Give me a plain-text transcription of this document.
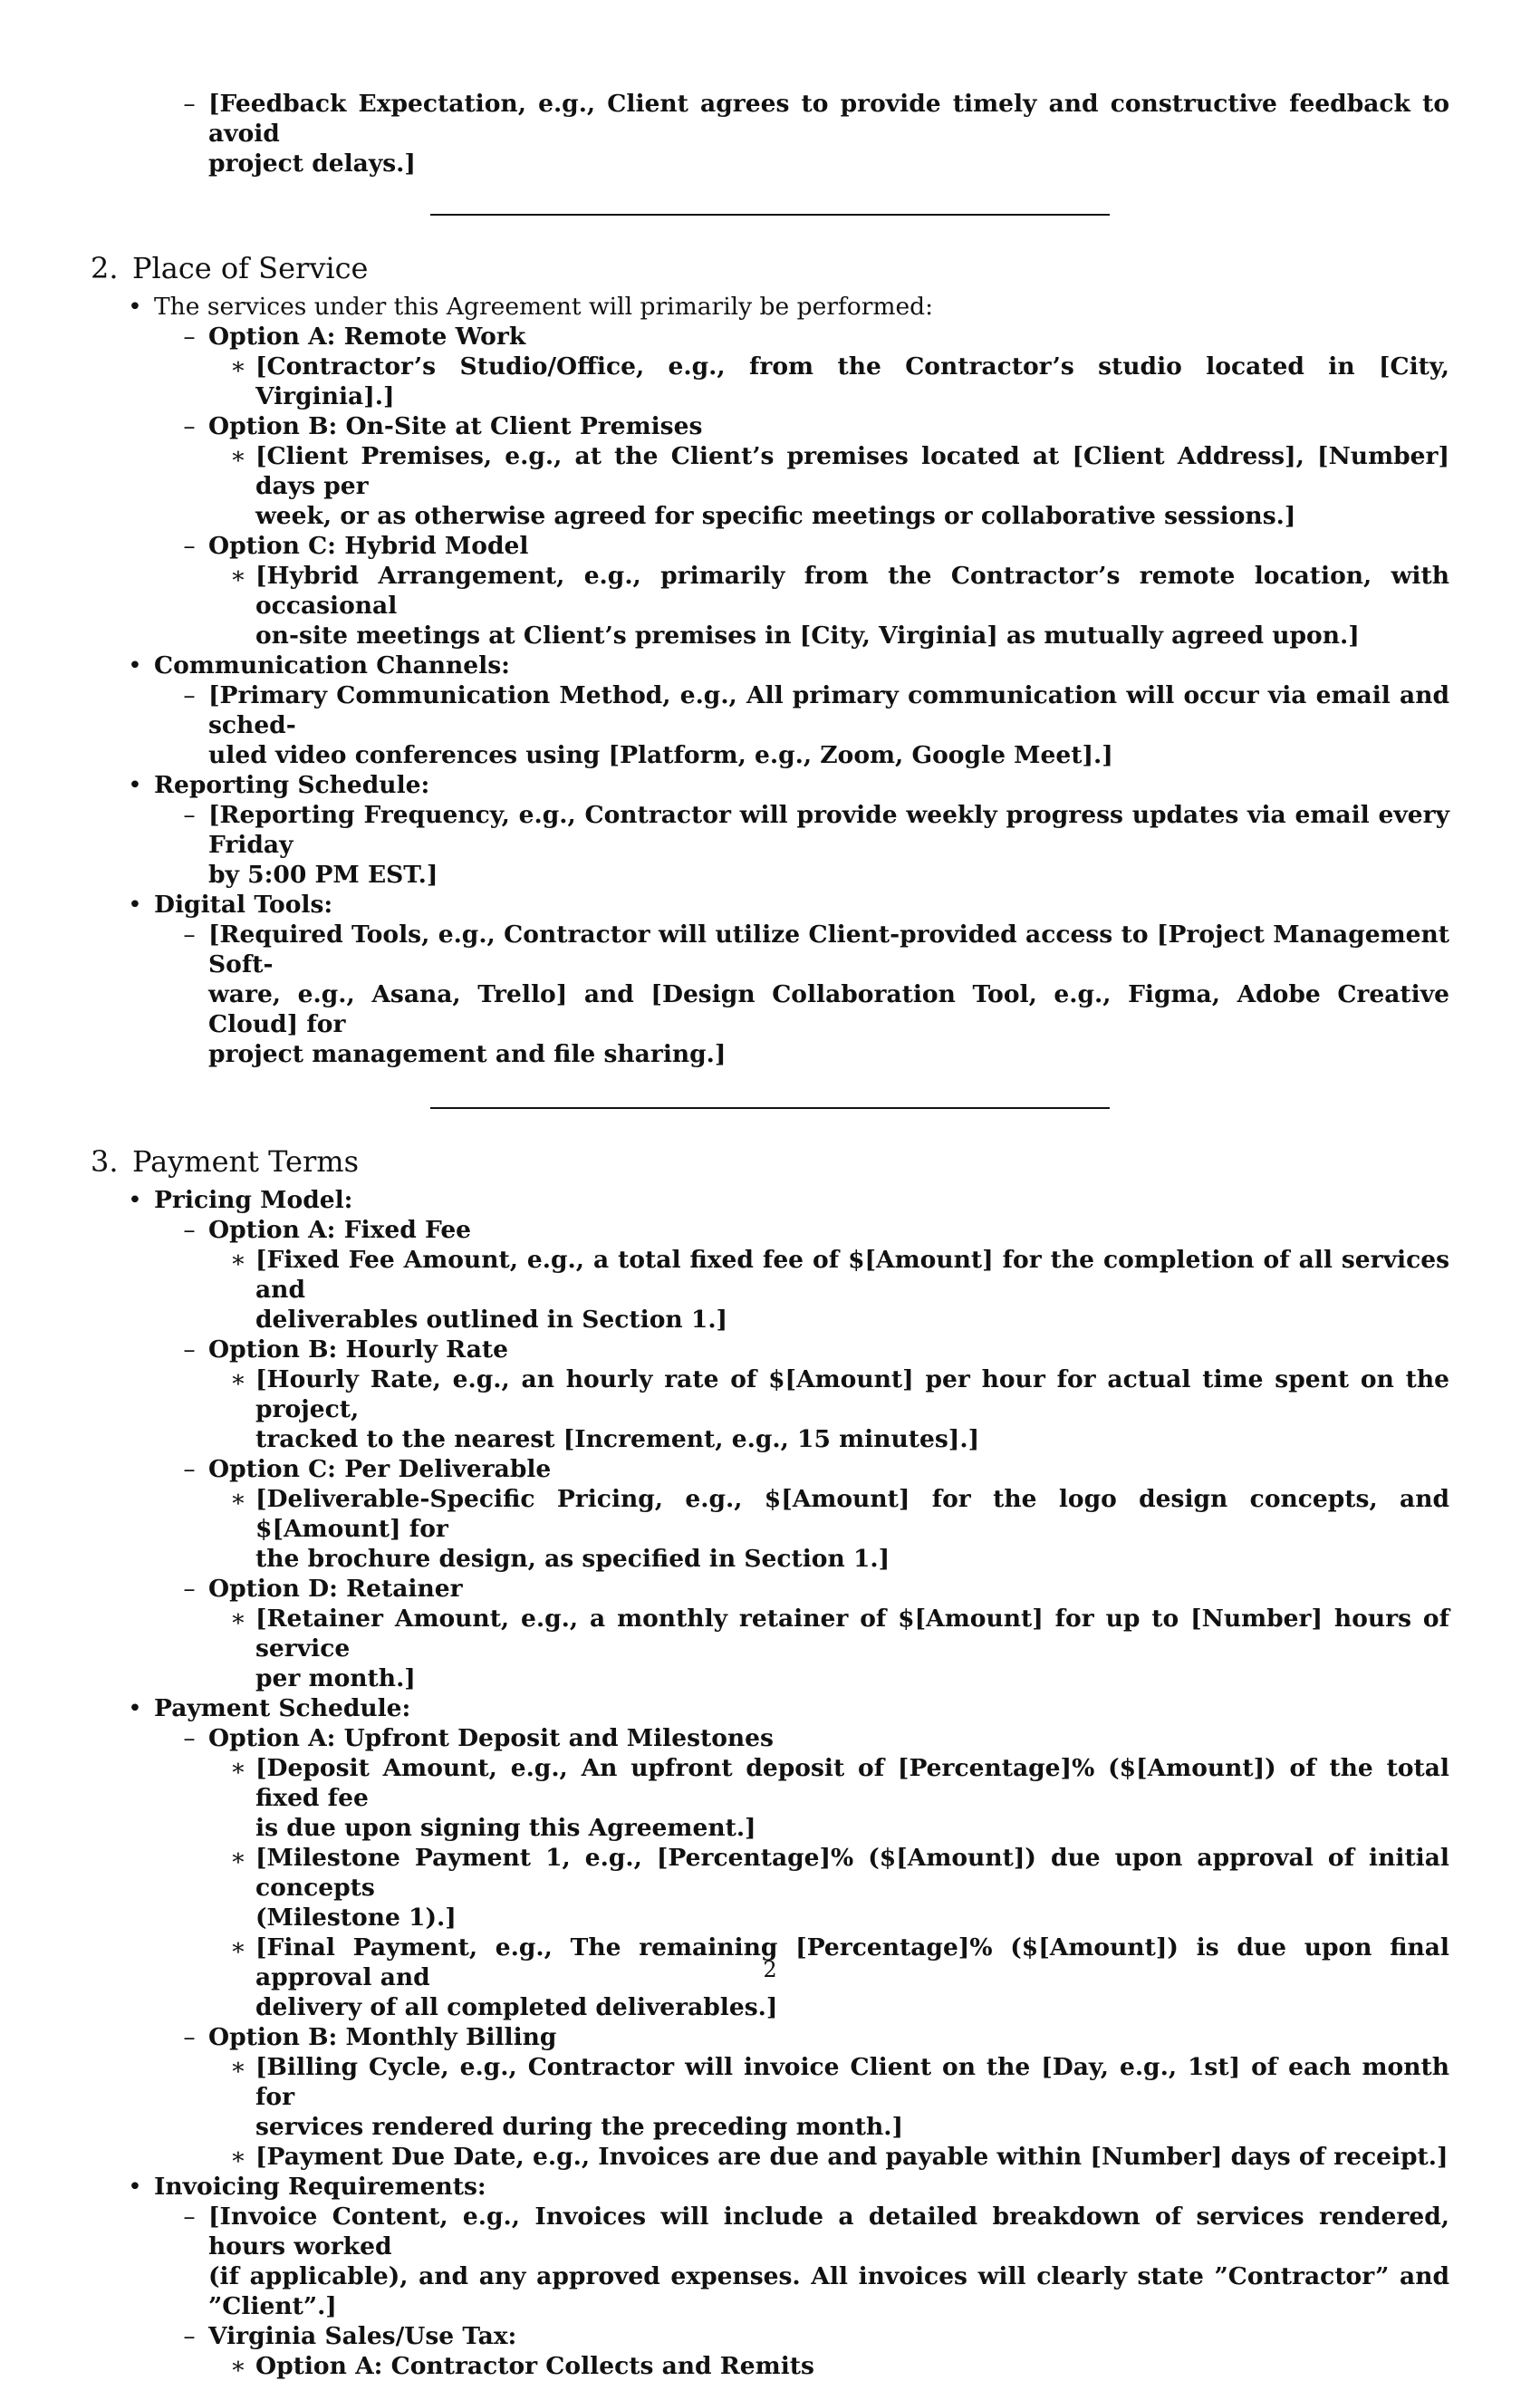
– [Feedback Expectation, e.g., Client agrees to provide timely and constructive feedback to avoid
project delays.]
2. Place of Service
• The services under this Agreement will primarily be performed:
– Option A: Remote Work
∗ [Contractor’s Studio/Office, e.g., from the Contractor’s studio located in [City, Virginia].]
– Option B: On-Site at Client Premises
∗ [Client Premises, e.g., at the Client’s premises located at [Client Address], [Number] days per
week, or as otherwise agreed for specific meetings or collaborative sessions.]
– Option C: Hybrid Model
∗ [Hybrid Arrangement, e.g., primarily from the Contractor’s remote location, with occasional
on-site meetings at Client’s premises in [City, Virginia] as mutually agreed upon.]
• Communication Channels:
– [Primary Communication Method, e.g., All primary communication will occur via email and sched-
uled video conferences using [Platform, e.g., Zoom, Google Meet].]
• Reporting Schedule:
– [Reporting Frequency, e.g., Contractor will provide weekly progress updates via email every Friday
by 5:00 PM EST.]
• Digital Tools:
– [Required Tools, e.g., Contractor will utilize Client-provided access to [Project Management Soft-
ware, e.g., Asana, Trello] and [Design Collaboration Tool, e.g., Figma, Adobe Creative Cloud] for
project management and file sharing.]
3. Payment Terms
• Pricing Model:
– Option A: Fixed Fee
∗ [Fixed Fee Amount, e.g., a total fixed fee of $[Amount] for the completion of all services and
deliverables outlined in Section 1.]
– Option B: Hourly Rate
∗ [Hourly Rate, e.g., an hourly rate of $[Amount] per hour for actual time spent on the project,
tracked to the nearest [Increment, e.g., 15 minutes].]
– Option C: Per Deliverable
∗ [Deliverable-Specific Pricing, e.g., $[Amount] for the logo design concepts, and $[Amount] for
the brochure design, as specified in Section 1.]
– Option D: Retainer
∗ [Retainer Amount, e.g., a monthly retainer of $[Amount] for up to [Number] hours of service
per month.]
• Payment Schedule:
– Option A: Upfront Deposit and Milestones
∗ [Deposit Amount, e.g., An upfront deposit of [Percentage]% ($[Amount]) of the total fixed fee
is due upon signing this Agreement.]
∗ [Milestone Payment 1, e.g., [Percentage]% ($[Amount]) due upon approval of initial concepts
(Milestone 1).]
∗ [Final Payment, e.g., The remaining [Percentage]% ($[Amount]) is due upon final approval and
delivery of all completed deliverables.]
– Option B: Monthly Billing
∗ [Billing Cycle, e.g., Contractor will invoice Client on the [Day, e.g., 1st] of each month for
services rendered during the preceding month.]
∗ [Payment Due Date, e.g., Invoices are due and payable within [Number] days of receipt.]
• Invoicing Requirements:
– [Invoice Content, e.g., Invoices will include a detailed breakdown of services rendered, hours worked
(if applicable), and any approved expenses. All invoices will clearly state ”Contractor” and ”Client”.]
– Virginia Sales/Use Tax:
∗ Option A: Contractor Collects and Remits
2
